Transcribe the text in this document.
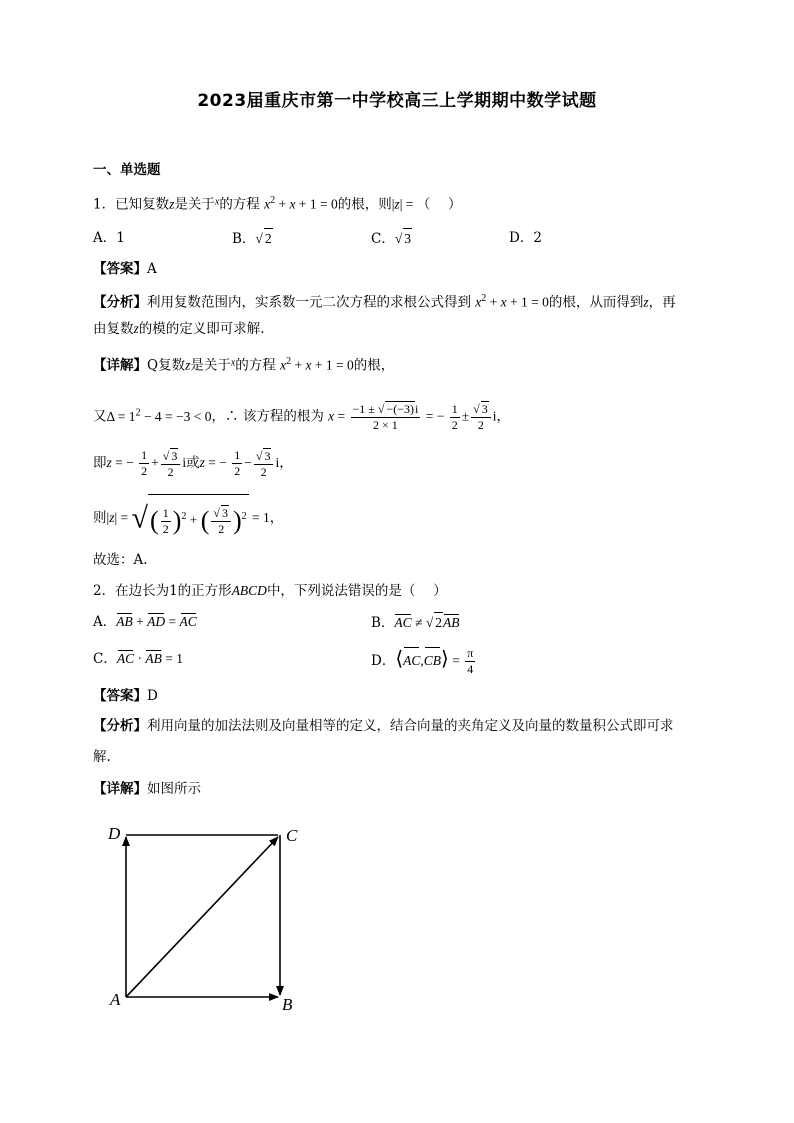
2023届重庆市第一中学校高三上学期期中数学试题
一、单选题
1．已知复数z是关于$^x$的方程 $x^2 + x + 1 = 0$的根，则|z| = （　 ）
A．1	B．√ 2	C．√ 3	D．2
【答案】A
【分析】利用复数范围内，实系数一元二次方程的求根公式得到 $x^2 + x + 1 = 0$的根，从而得到z，再
由复数z的模的定义即可求解.
【详解】Q复数z是关于$^x$的方程 $x^2 + x + 1 = 0$的根，
又$\Delta = 1^2 - 4 = -3 < 0$，∴ 该方程的根为 $x = \frac{-1 \pm √ -(-3)i}{2 \times 1}$ = − $\frac{1}{2} \pm \frac{√ 3}{2}$ i，
即z = − $\frac{1}{2} + \frac{√ 3}{2}$ i或z = − $\frac{1}{2} - \frac{√ 3}{2}$ i，
则|z| = √( $\frac{1}{2} )^2$ + ( $\frac{√ 3}{2} )^2 = 1$，
故选：A.
2．在边长为1的正方形ABCD中，下列说法错误的是（　 ）
A．AB + AD = AC	B．AC ≠ √ 2AB
C．AC · AB = 1	D．⟨AC,CB⟩ = $\frac{\pi}{4}$
【答案】D
【分析】利用向量的加法法则及向量相等的定义，结合向量的夹角定义及向量的数量积公式即可求
解.
【详解】如图所示
D	C
A	B
